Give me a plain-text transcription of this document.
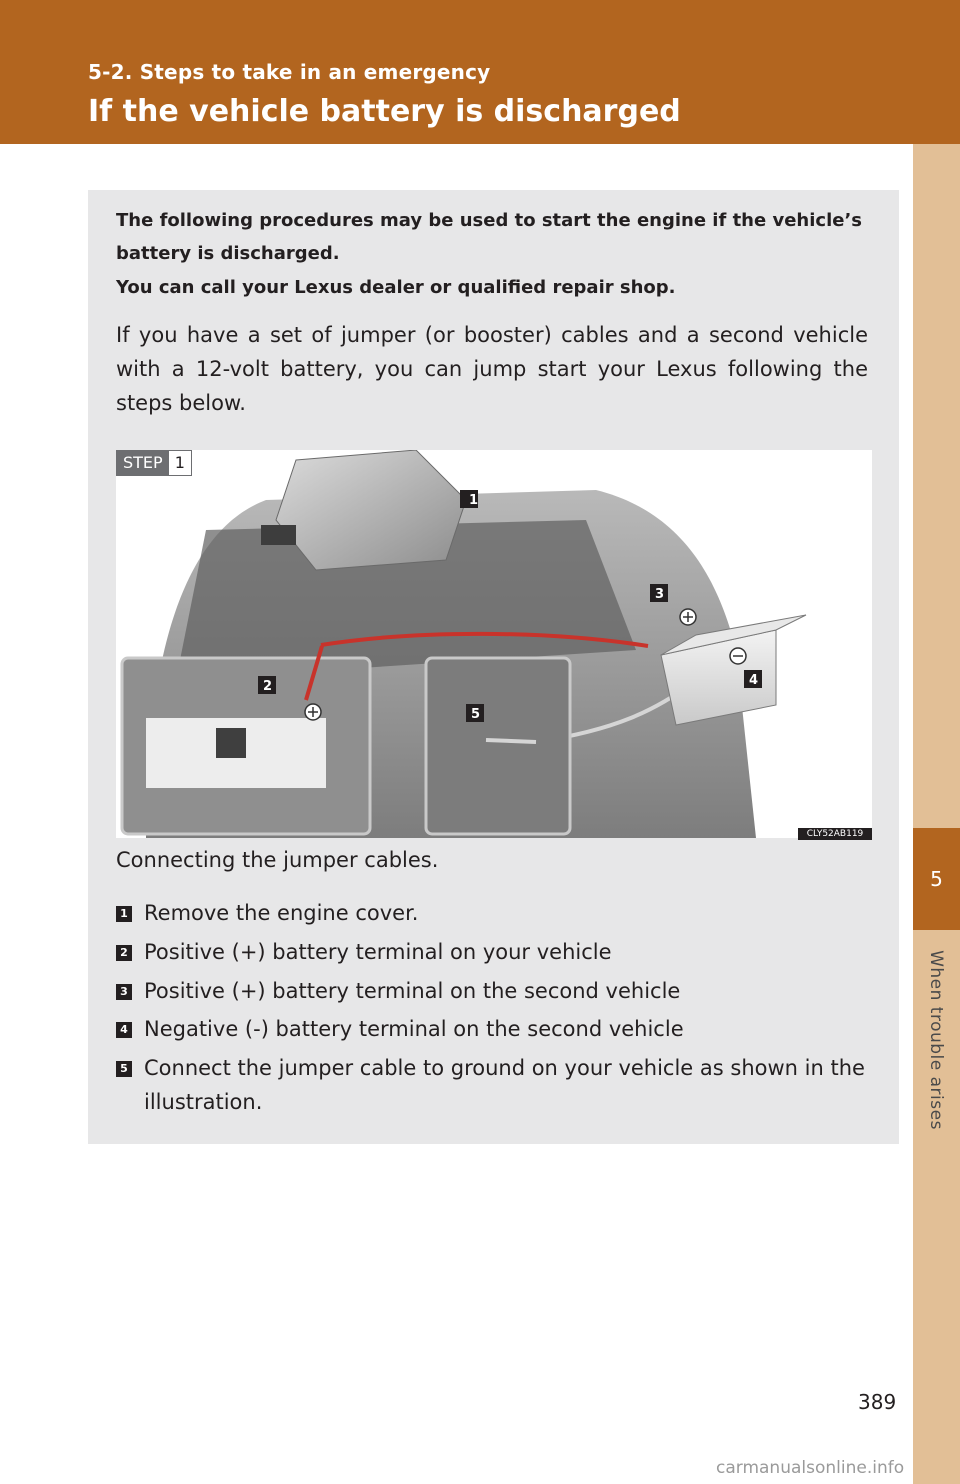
5-2. Steps to take in an emergency
If the vehicle battery is discharged
5
When trouble arises
The following procedures may be used to start the engine if the vehicle’s battery is discharged.
You can call your Lexus dealer or qualified repair shop.
If you have a set of jumper (or booster) cables and a second vehicle with a 12-volt battery, you can jump start your Lexus following the steps below.
1
2
3
4
5
STEP 1
CLY52AB119
Connecting the jumper cables.
1 Remove the engine cover.
2 Positive (+) battery terminal on your vehicle
3 Positive (+) battery terminal on the second vehicle
4 Negative (-) battery terminal on the second vehicle
5 Connect the jumper cable to ground on your vehicle as shown in the illustration.
389
carmanualsonline.info
